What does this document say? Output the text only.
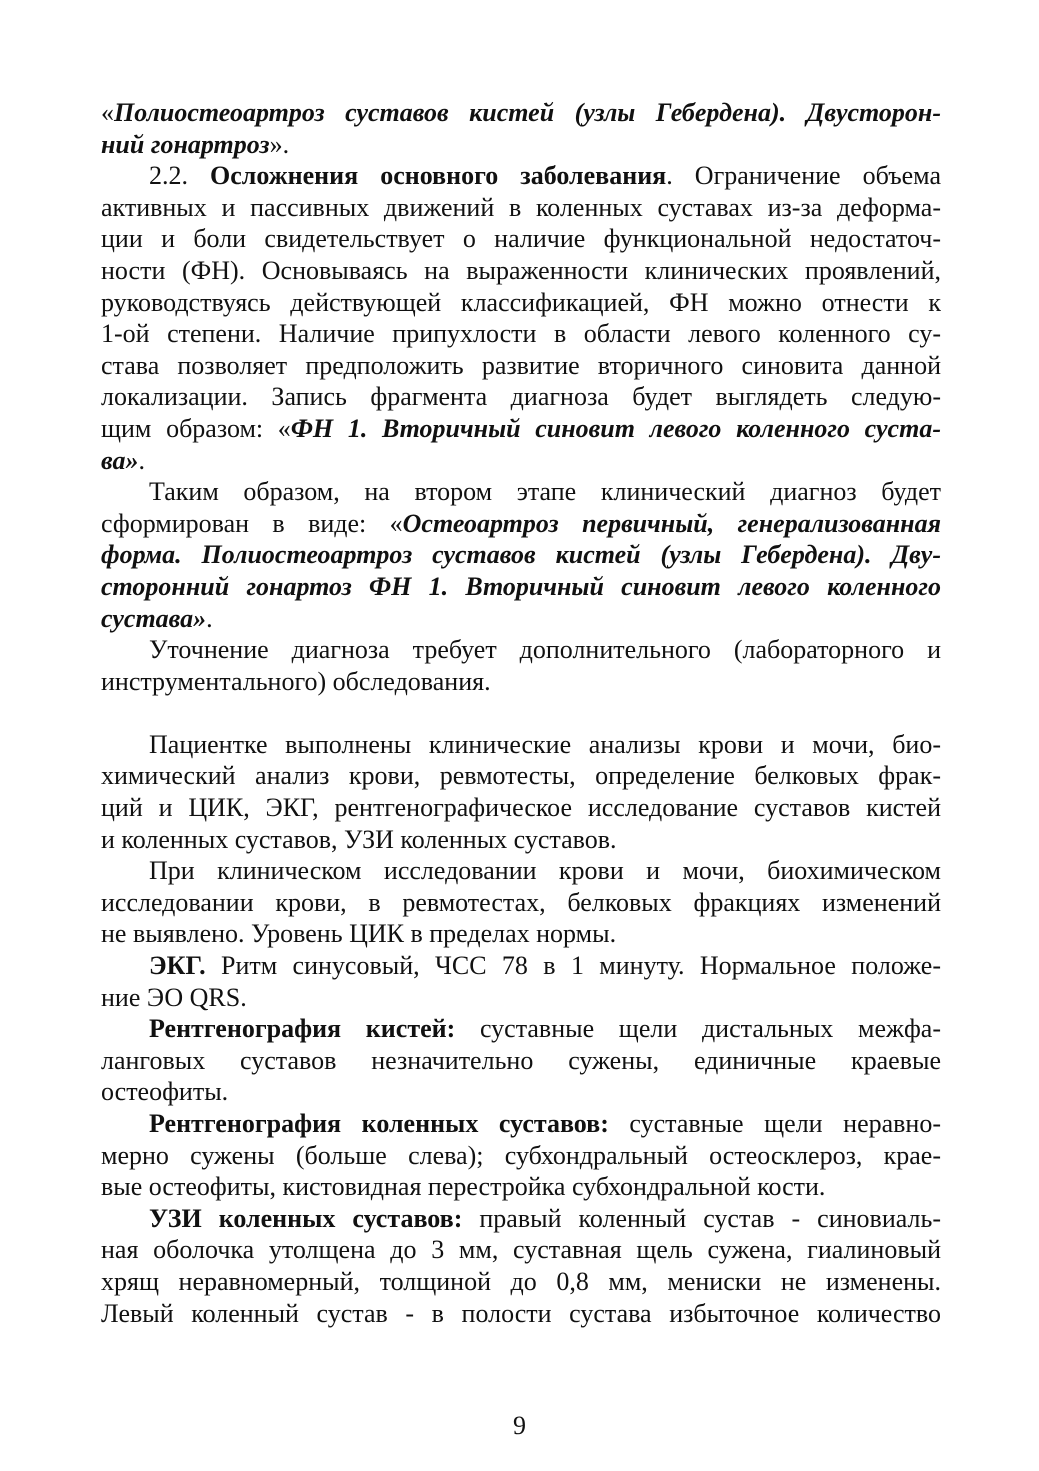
«Полиостеоартроз суставов кистей (узлы Гебердена). Двусторон-
ний гонартроз».
2.2. Осложнения основного заболевания. Ограничение объема
активных и пассивных движений в коленных суставах из-за деформа-
ции и боли свидетельствует о наличие функциональной недостаточ-
ности (ФН). Основываясь на выраженности клинических проявлений,
руководствуясь действующей классификацией, ФН можно отнести к
1-ой степени. Наличие припухлости в области левого коленного су-
става позволяет предположить развитие вторичного синовита данной
локализации. Запись фрагмента диагноза будет выглядеть следую-
щим образом: «ФН 1. Вторичный синовит левого коленного суста-
ва».
Таким образом, на втором этапе клинический диагноз будет
сформирован в виде: «Остеоартроз первичный, генерализованная
форма. Полиостеоартроз суставов кистей (узлы Гебердена). Дву-
сторонний гонартоз ФН 1. Вторичный синовит левого коленного
сустава».
Уточнение диагноза требует дополнительного (лабораторного и
инструментального) обследования.
Пациентке выполнены клинические анализы крови и мочи, био-
химический анализ крови, ревмотесты, определение белковых фрак-
ций и ЦИК, ЭКГ, рентгенографическое исследование суставов кистей
и коленных суставов, УЗИ коленных суставов.
При клиническом исследовании крови и мочи, биохимическом
исследовании крови, в ревмотестах, белковых фракциях изменений
не выявлено. Уровень ЦИК в пределах нормы.
ЭКГ. Ритм синусовый, ЧСС 78 в 1 минуту. Нормальное положе-
ние ЭО QRS.
Рентгенография кистей: суставные щели дистальных межфа-
ланговых суставов незначительно сужены, единичные краевые
остеофиты.
Рентгенография коленных суставов: суставные щели неравно-
мерно сужены (больше слева); субхондральный остеосклероз, крае-
вые остеофиты, кистовидная перестройка субхондральной кости.
УЗИ коленных суставов: правый коленный сустав - синовиаль-
ная оболочка утолщена до 3 мм, суставная щель сужена, гиалиновый
хрящ неравномерный, толщиной до 0,8 мм, мениски не изменены.
Левый коленный сустав - в полости сустава избыточное количество
9
